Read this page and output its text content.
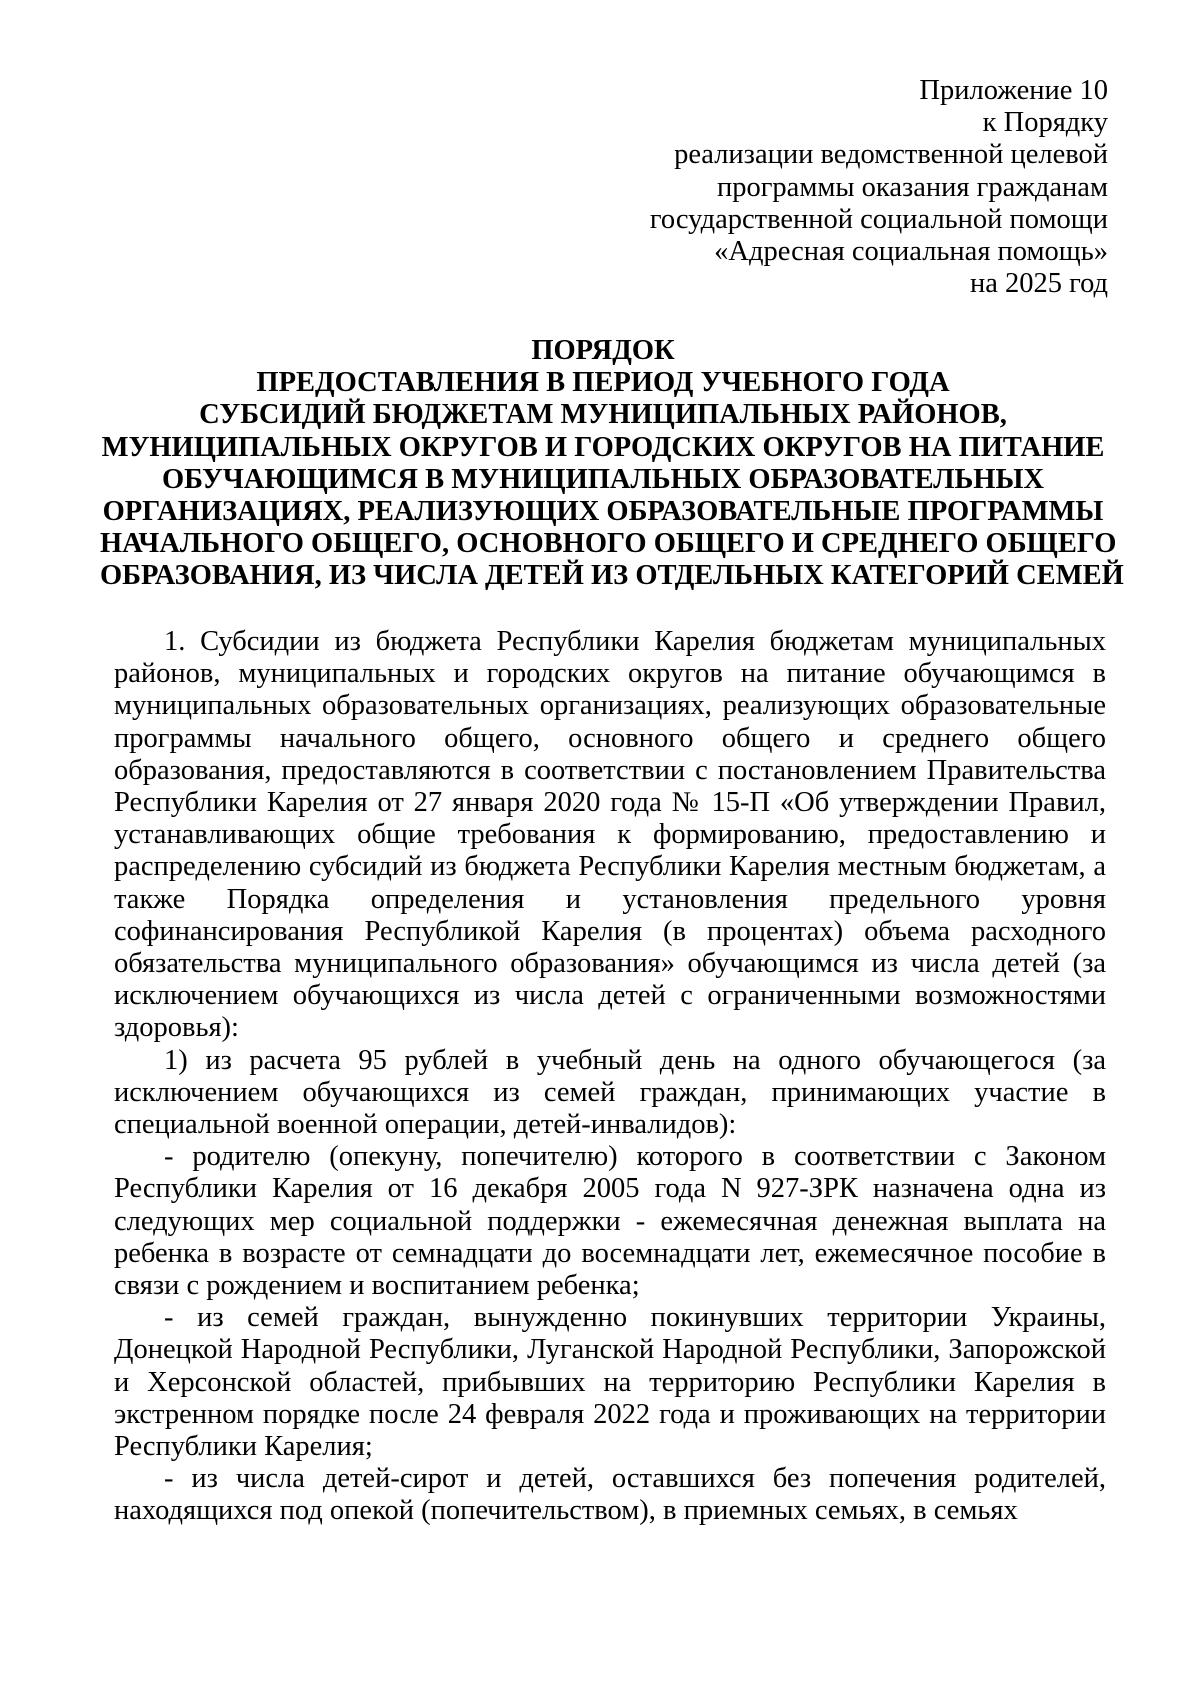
Приложение 10
к Порядку
реализации ведомственной целевой
программы оказания гражданам
государственной социальной помощи
«Адресная социальная помощь»
на 2025 год
ПОРЯДОК
ПРЕДОСТАВЛЕНИЯ В ПЕРИОД УЧЕБНОГО ГОДА
СУБСИДИЙ БЮДЖЕТАМ МУНИЦИПАЛЬНЫХ РАЙОНОВ,
МУНИЦИПАЛЬНЫХ ОКРУГОВ И ГОРОДСКИХ ОКРУГОВ НА ПИТАНИЕ
ОБУЧАЮЩИМСЯ В МУНИЦИПАЛЬНЫХ ОБРАЗОВАТЕЛЬНЫХ
ОРГАНИЗАЦИЯХ, РЕАЛИЗУЮЩИХ ОБРАЗОВАТЕЛЬНЫЕ ПРОГРАММЫ
НАЧАЛЬНОГО ОБЩЕГО, ОСНОВНОГО ОБЩЕГО И СРЕДНЕГО ОБЩЕГО
ОБРАЗОВАНИЯ, ИЗ ЧИСЛА ДЕТЕЙ ИЗ ОТДЕЛЬНЫХ КАТЕГОРИЙ СЕМЕЙ

1. Субсидии из бюджета Республики Карелия бюджетам муниципальных районов, муниципальных и городских округов на питание обучающимся в муниципальных образовательных организациях, реализующих образовательные программы начального общего, основного общего и среднего общего образования, предоставляются в соответствии с постановлением Правительства Республики Карелия от 27 января 2020 года № 15-П «Об утверждении Правил, устанавливающих общие требования к формированию, предоставлению и распределению субсидий из бюджета Республики Карелия местным бюджетам, а также Порядка определения и установления предельного уровня софинансирования Республикой Карелия (в процентах) объема расходного обязательства муниципального образования» обучающимся из числа детей (за исключением обучающихся из числа детей с ограниченными возможностями здоровья):

1) из расчета 95 рублей в учебный день на одного обучающегося (за исключением обучающихся из семей граждан, принимающих участие в специальной военной операции, детей-инвалидов):

- родителю (опекуну, попечителю) которого в соответствии с Законом Республики Карелия от 16 декабря 2005 года N 927-ЗРК назначена одна из следующих мер социальной поддержки - ежемесячная денежная выплата на ребенка в возрасте от семнадцати до восемнадцати лет, ежемесячное пособие в связи с рождением и воспитанием ребенка;

- из семей граждан, вынужденно покинувших территории Украины, Донецкой Народной Республики, Луганской Народной Республики, Запорожской и Херсонской областей, прибывших на территорию Республики Карелия в экстренном порядке после 24 февраля 2022 года и проживающих на территории Республики Карелия;

- из числа детей-сирот и детей, оставшихся без попечения родителей, находящихся под опекой (попечительством), в приемных семьях, в семьях
